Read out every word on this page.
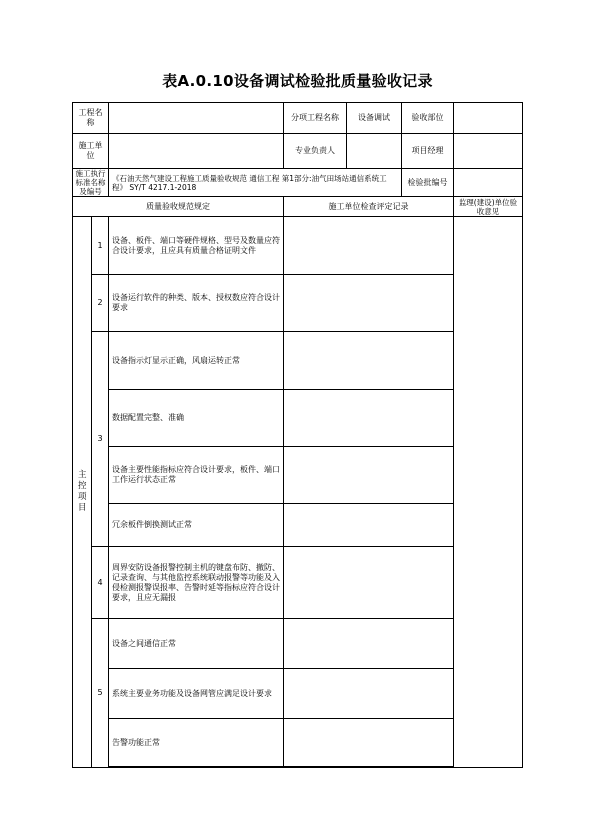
表A.0.10设备调试检验批质量验收记录
工程名称			分项工程名称	设备调试	验收部位	
施工单位			专业负责人		项目经理	
施工执行标准名称及编号		《石油天然气建设工程施工质量验收规范 通信工程 第1部分:油气田场站通信系统工程》 SY/T 4217.1-2018			检验批编号	
质量验收规范规定			施工单位检查评定记录			监理(建设)单位验收意见
主控项目	1	设备、板件、端口等硬件规格、型号及数量应符合设计要求，且应具有质量合格证明文件				
	2	设备运行软件的种类、版本、授权数应符合设计要求				
	3	设备指示灯显示正确，风扇运转正常				
		数据配置完整、准确				
		设备主要性能指标应符合设计要求，板件、端口工作运行状态正常				
		冗余板件倒换测试正常				
	4	周界安防设备报警控制主机的键盘布防、撤防、记录查询、与其他监控系统联动报警等功能及入侵检测报警误报率、告警时延等指标应符合设计要求，且应无漏报				
	5	设备之间通信正常				
		系统主要业务功能及设备网管应满足设计要求				
		告警功能正常				
